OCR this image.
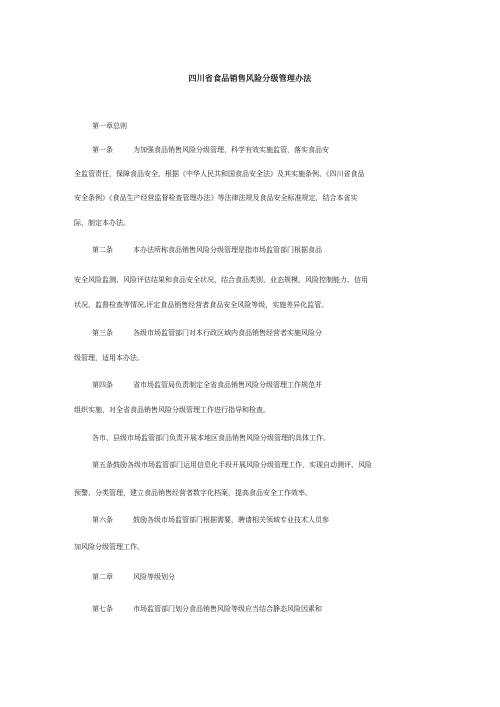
四川省食品销售风险分级管理办法
第一章总则
第一条	为加强食品销售风险分级管理，科学有效实施监管，落实食品安
全监管责任，保障食品安全，根据《中华人民共和国食品安全法》及其实施条例、《四川省食品
安全条例》《食品生产经营监督检查管理办法》等法律法规及食品安全标准规定，结合本省实
际，制定本办法。
第二条	本办法所称食品销售风险分级管理是指市场监管部门根据食品
安全风险监测、风险评估结果和食品安全状况，结合食品类别、业态规模、风险控制能力、信用
状况、监督检查等情况,评定食品销售经营者食品安全风险等级，实施差异化监管。
第三条	各级市场监管部门对本行政区域内食品销售经营者实施风险分
级管理，适用本办法。
第四条	省市场监管局负责制定全省食品销售风险分级管理工作规范并
组织实施，对全省食品销售风险分级管理工作进行指导和检查。
各市、县级市场监管部门负责开展本地区食品销售风险分级管理的具体工作。
第五条鼓励各级市场监管部门运用信息化手段开展风险分级管理工作，实现自动测评、风险
预警、分类管理，建立食品销售经营者数字化档案，提高食品安全工作效率。
第六条	鼓励各级市场监管部门根据需要，聘请相关领域专业技术人员参
加风险分级管理工作。
第二章	风险等级划分
第七条	市场监管部门划分食品销售风险等级应当结合静态风险因素和
